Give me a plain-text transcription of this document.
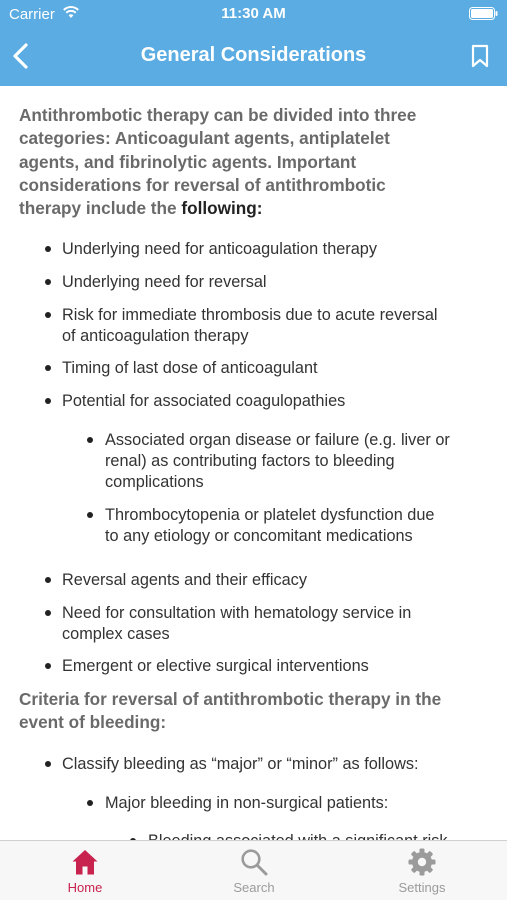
Carrier	11:30 AM
General Considerations
Antithrombotic therapy can be divided into three
categories: Anticoagulant agents, antiplatelet
agents, and fibrinolytic agents. Important
considerations for reversal of antithrombotic
therapy include the following:
Underlying need for anticoagulation therapy
Underlying need for reversal
Risk for immediate thrombosis due to acute reversal
of anticoagulation therapy
Timing of last dose of anticoagulant
Potential for associated coagulopathies
Associated organ disease or failure (e.g. liver or
renal) as contributing factors to bleeding
complications
Thrombocytopenia or platelet dysfunction due
to any etiology or concomitant medications
Reversal agents and their efficacy
Need for consultation with hematology service in
complex cases
Emergent or elective surgical interventions
Criteria for reversal of antithrombotic therapy in the
event of bleeding:
Classify bleeding as “major” or “minor” as follows:
Major bleeding in non-surgical patients:
Home	Search	Settings
